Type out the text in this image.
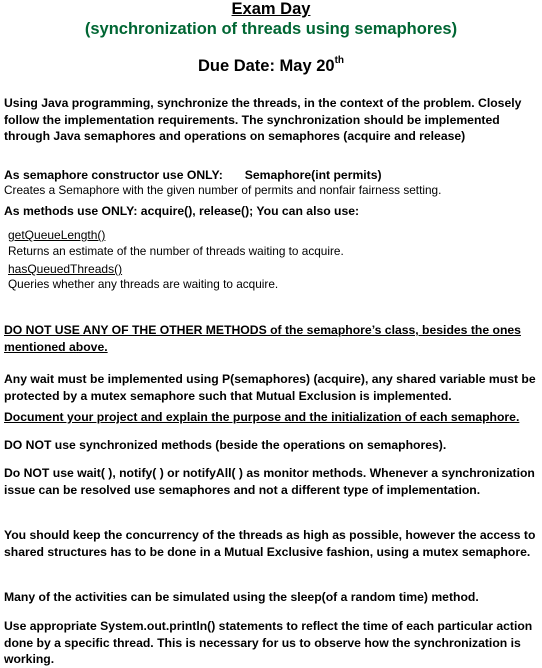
Exam Day
(synchronization of threads using semaphores)
Due Date: May 20th

Using Java programming, synchronize the threads, in the context of the problem. Closely follow the implementation requirements. The synchronization should be implemented through Java semaphores and operations on semaphores (acquire and release)

As semaphore constructor use ONLY: Semaphore(int permits)

Creates a Semaphore with the given number of permits and nonfair fairness setting.

As methods use ONLY: acquire(), release(); You can also use:

getQueueLength()

Returns an estimate of the number of threads waiting to acquire.

hasQueuedThreads()

Queries whether any threads are waiting to acquire.

DO NOT USE ANY OF THE OTHER METHODS of the semaphore’s class, besides the ones mentioned above.

Any wait must be implemented using P(semaphores) (acquire), any shared variable must be protected by a mutex semaphore such that Mutual Exclusion is implemented.

Document your project and explain the purpose and the initialization of each semaphore.

DO NOT use synchronized methods (beside the operations on semaphores).

Do NOT use wait( ), notify( ) or notifyAll( ) as monitor methods. Whenever a synchronization issue can be resolved use semaphores and not a different type of implementation.

You should keep the concurrency of the threads as high as possible, however the access to shared structures has to be done in a Mutual Exclusive fashion, using a mutex semaphore.

Many of the activities can be simulated using the sleep(of a random time) method.

Use appropriate System.out.println() statements to reflect the time of each particular action done by a specific thread. This is necessary for us to observe how the synchronization is working.
